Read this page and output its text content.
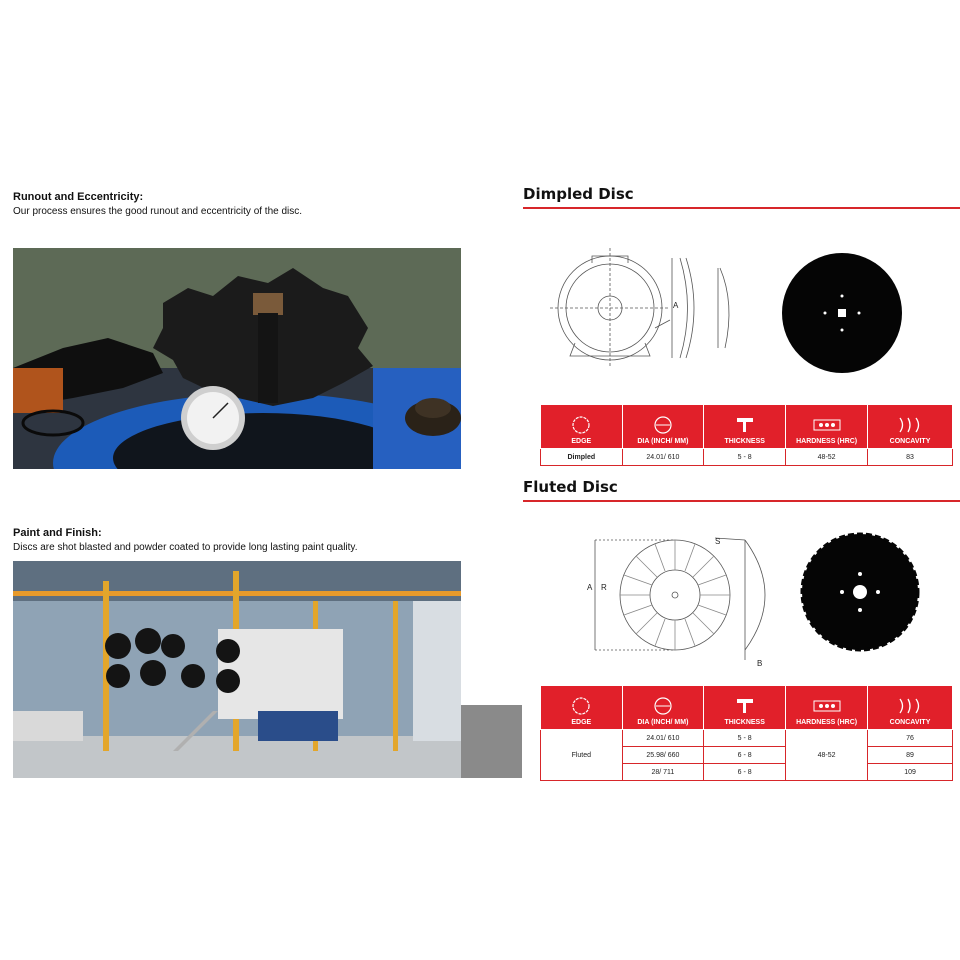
Runout and Eccentricity:
Our process ensures the good runout and eccentricity of the disc.
Paint and Finish:
Discs are shot blasted and powder coated to provide long lasting paint quality.
Dimpled Disc
A
EDGE	DIA (INCH/ MM)	THICKNESS	HARDNESS (HRC)	CONCAVITY
Dimpled	24.01/ 610	5 - 8	48-52	83
Fluted Disc
A R
S
B
EDGE	DIA (INCH/ MM)	THICKNESS	HARDNESS (HRC)	CONCAVITY
Fluted	24.01/ 610	5 - 8	48-52	76
	25.98/ 660	6 - 8		89
	28/ 711	6 - 8		109
